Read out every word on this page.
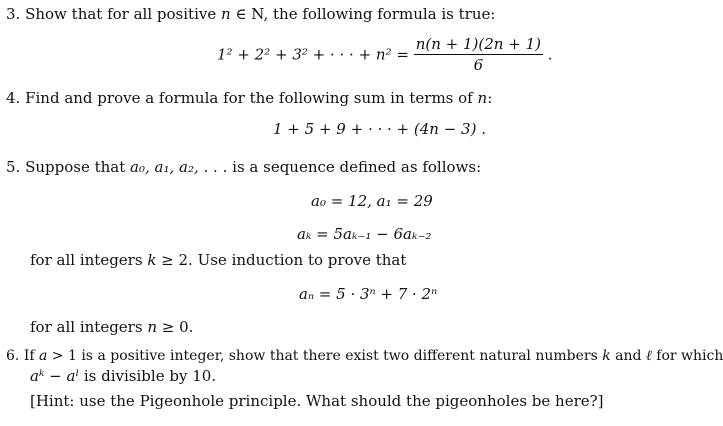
3. Show that for all positive n ∈ N, the following formula is true:
1² + 2² + 3² + · · · + $n^2 = \frac{n(n + 1)(2n + 1)}{6}$ .
4. Find and prove a formula for the following sum in terms of n:
1 + 5 + 9 + · · · + (4n − 3) .
5. Suppose that a₀, a₁, a₂, . . . is a sequence defined as follows:
a₀ = 12, a₁ = 29
aₖ = 5aₖ₋₁ − 6aₖ₋₂
for all integers k ≥ 2. Use induction to prove that
aₙ = 5 · 3ⁿ + 7 · 2ⁿ
for all integers n ≥ 0.
6. If a > 1 is a positive integer, show that there exist two different natural numbers k and ℓ for which
aᵏ − aˡ is divisible by 10.
[Hint: use the Pigeonhole principle. What should the pigeonholes be here?]
